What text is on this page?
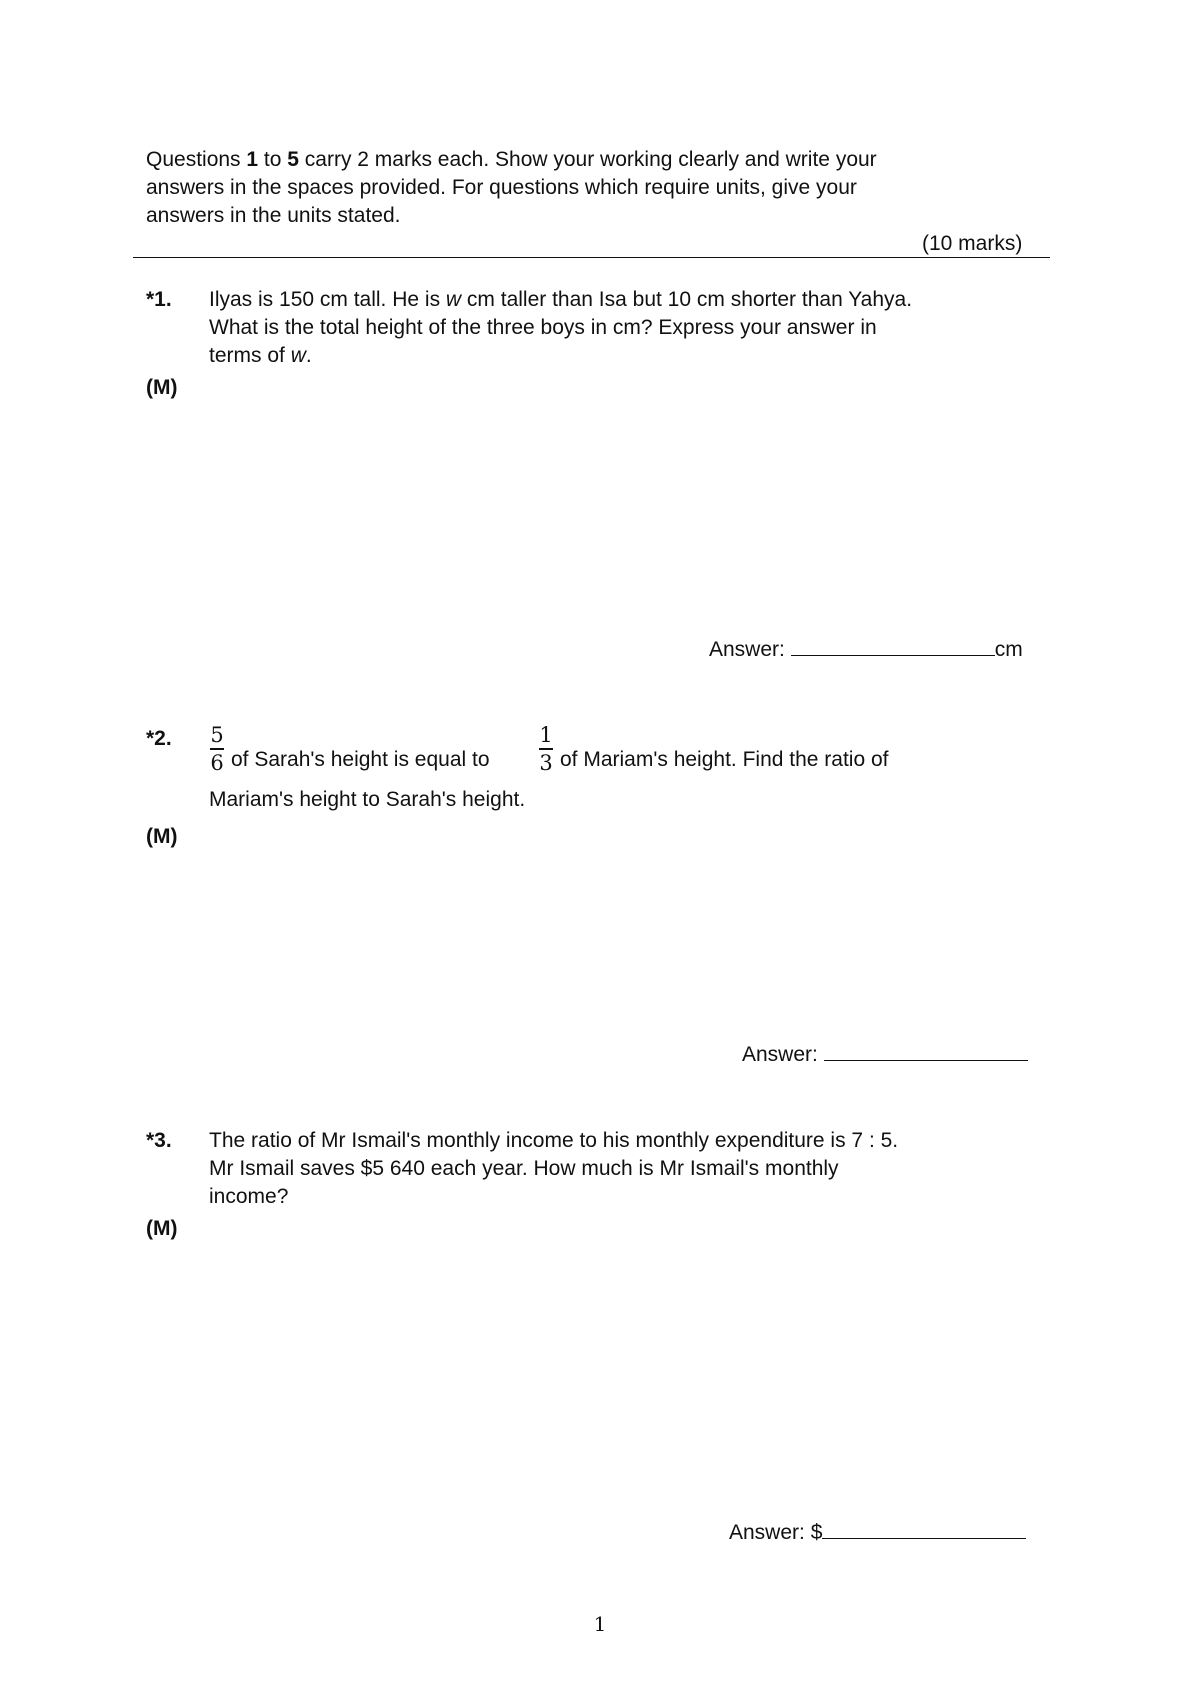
Questions 1 to 5 carry 2 marks each. Show your working clearly and write your
answers in the spaces provided. For questions which require units, give your
answers in the units stated.
(10 marks)
*1. Ilyas is 150 cm tall. He is w cm taller than Isa but 10 cm shorter than Yahya.
What is the total height of the three boys in cm? Express your answer in
terms of w.
(M)
Answer:	cm
*2. 5
6 of Sarah's height is equal to
1
3 of Mariam's height. Find the ratio of
Mariam's height to Sarah's height.
(M)
Answer:
*3. The ratio of Mr Ismail's monthly income to his monthly expenditure is 7 : 5.
Mr Ismail saves $5 640 each year. How much is Mr Ismail's monthly
income?
(M)
Answer: $
1
